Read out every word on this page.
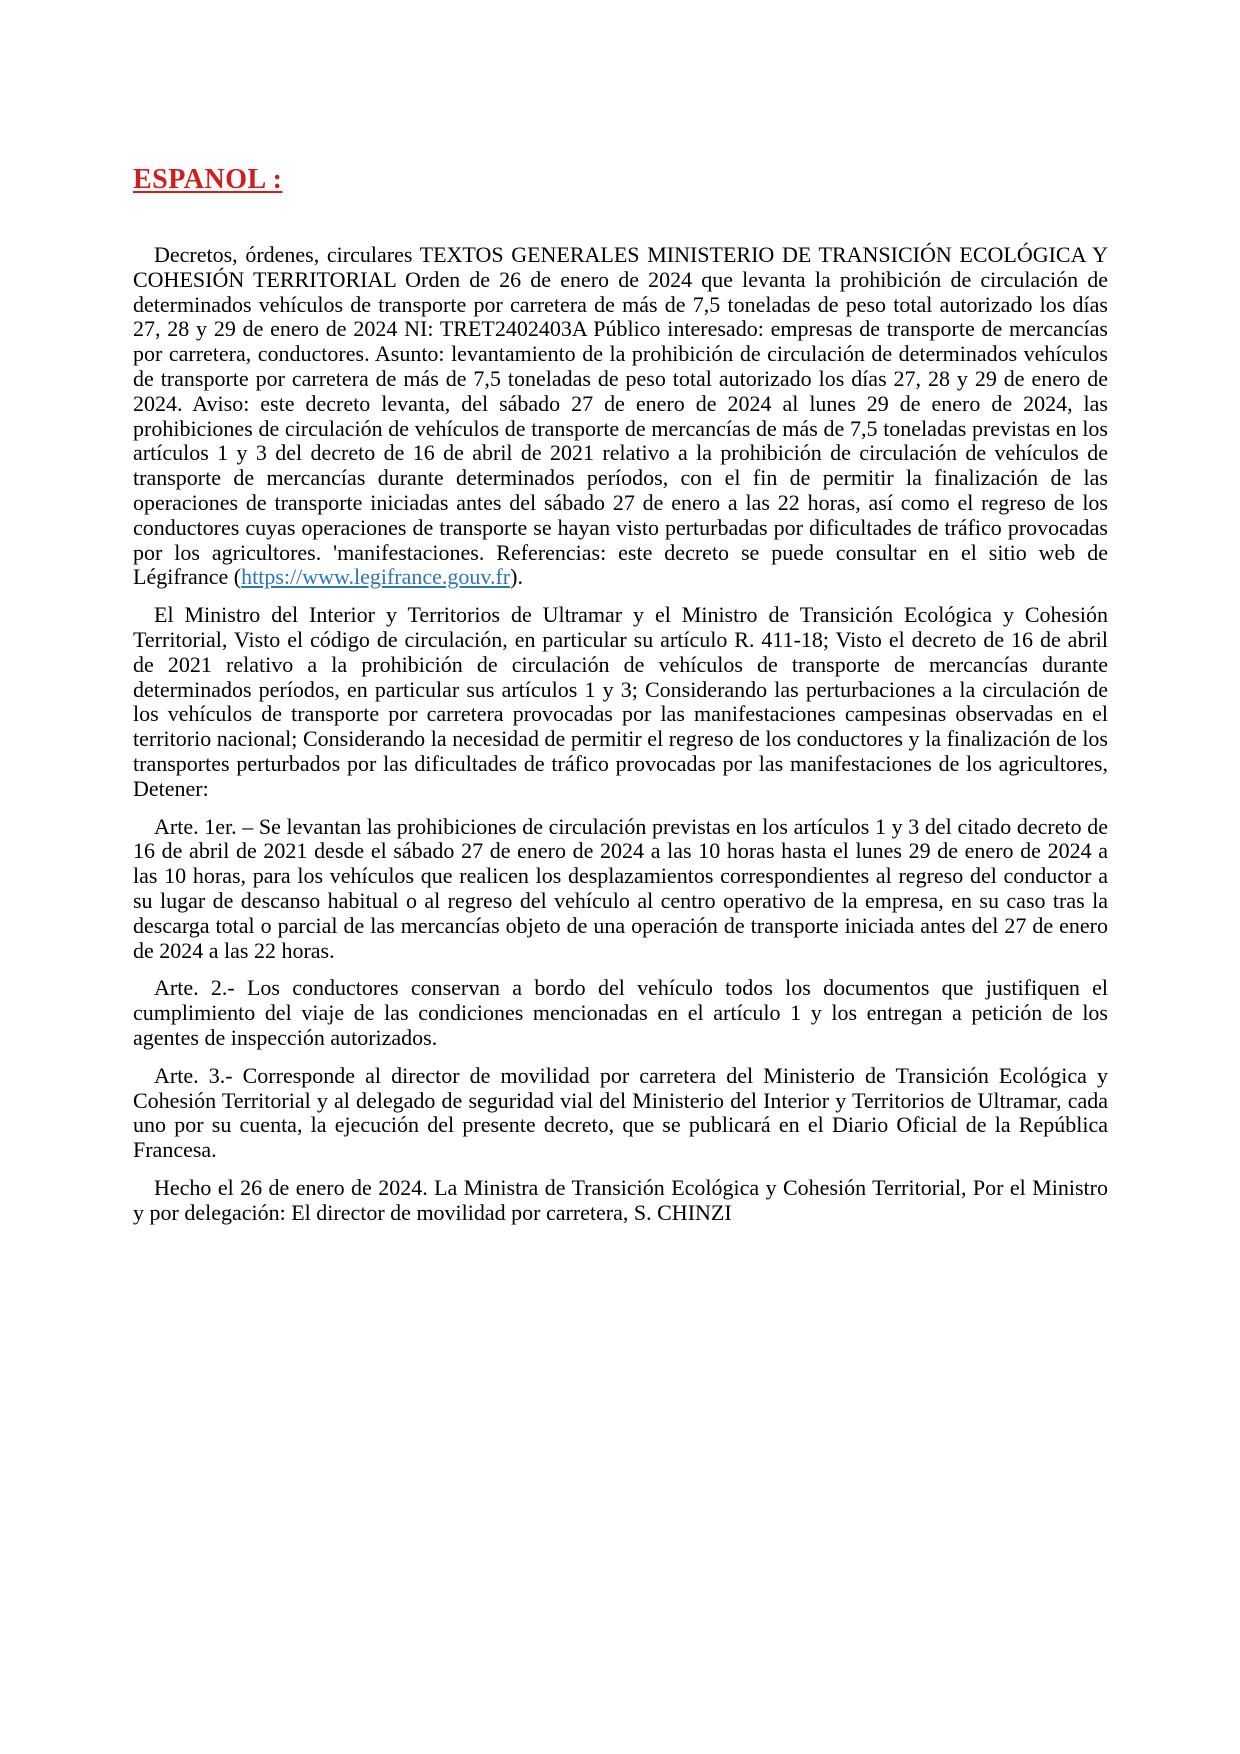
ESPANOL :

Decretos, órdenes, circulares TEXTOS GENERALES MINISTERIO DE TRANSICIÓN ECOLÓGICA Y COHESIÓN TERRITORIAL Orden de 26 de enero de 2024 que levanta la prohibición de circulación de determinados vehículos de transporte por carretera de más de 7,5 toneladas de peso total autorizado los días 27, 28 y 29 de enero de 2024 NI: TRET2402403A Público interesado: empresas de transporte de mercancías por carretera, conductores. Asunto: levantamiento de la prohibición de circulación de determinados vehículos de transporte por carretera de más de 7,5 toneladas de peso total autorizado los días 27, 28 y 29 de enero de 2024. Aviso: este decreto levanta, del sábado 27 de enero de 2024 al lunes 29 de enero de 2024, las prohibiciones de circulación de vehículos de transporte de mercancías de más de 7,5 toneladas previstas en los artículos 1 y 3 del decreto de 16 de abril de 2021 relativo a la prohibición de circulación de vehículos de transporte de mercancías durante determinados períodos, con el fin de permitir la finalización de las operaciones de transporte iniciadas antes del sábado 27 de enero a las 22 horas, así como el regreso de los conductores cuyas operaciones de transporte se hayan visto perturbadas por dificultades de tráfico provocadas por los agricultores. 'manifestaciones. Referencias: este decreto se puede consultar en el sitio web de Légifrance (https://www.legifrance.gouv.fr).

El Ministro del Interior y Territorios de Ultramar y el Ministro de Transición Ecológica y Cohesión Territorial, Visto el código de circulación, en particular su artículo R. 411-18; Visto el decreto de 16 de abril de 2021 relativo a la prohibición de circulación de vehículos de transporte de mercancías durante determinados períodos, en particular sus artículos 1 y 3; Considerando las perturbaciones a la circulación de los vehículos de transporte por carretera provocadas por las manifestaciones campesinas observadas en el territorio nacional; Considerando la necesidad de permitir el regreso de los conductores y la finalización de los transportes perturbados por las dificultades de tráfico provocadas por las manifestaciones de los agricultores, Detener:

Arte. 1er. – Se levantan las prohibiciones de circulación previstas en los artículos 1 y 3 del citado decreto de 16 de abril de 2021 desde el sábado 27 de enero de 2024 a las 10 horas hasta el lunes 29 de enero de 2024 a las 10 horas, para los vehículos que realicen los desplazamientos correspondientes al regreso del conductor a su lugar de descanso habitual o al regreso del vehículo al centro operativo de la empresa, en su caso tras la descarga total o parcial de las mercancías objeto de una operación de transporte iniciada antes del 27 de enero de 2024 a las 22 horas.

Arte. 2.- Los conductores conservan a bordo del vehículo todos los documentos que justifiquen el cumplimiento del viaje de las condiciones mencionadas en el artículo 1 y los entregan a petición de los agentes de inspección autorizados.

Arte. 3.- Corresponde al director de movilidad por carretera del Ministerio de Transición Ecológica y Cohesión Territorial y al delegado de seguridad vial del Ministerio del Interior y Territorios de Ultramar, cada uno por su cuenta, la ejecución del presente decreto, que se publicará en el Diario Oficial de la República Francesa.

Hecho el 26 de enero de 2024. La Ministra de Transición Ecológica y Cohesión Territorial, Por el Ministro y por delegación: El director de movilidad por carretera, S. CHINZI
